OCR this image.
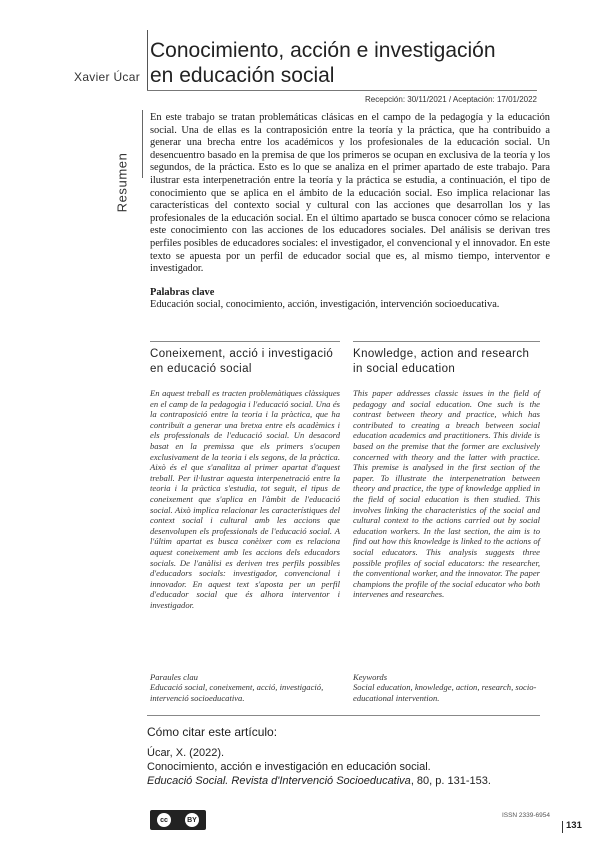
Xavier Úcar
Conocimiento, acción e investigación
en educación social
Recepción: 30/11/2021 / Aceptación: 17/01/2022
Resumen
En este trabajo se tratan problemáticas clásicas en el campo de la pedagogía y la educación social. Una de ellas es la contraposición entre la teoría y la práctica, que ha contribuido a generar una brecha entre los académicos y los profesionales de la educación social. Un desencuentro basado en la premisa de que los primeros se ocupan en exclusiva de la teoría y los segundos, de la práctica. Esto es lo que se analiza en el primer apartado de este trabajo. Para ilustrar esta interpenetración entre la teoría y la práctica se estudia, a continuación, el tipo de conocimiento que se aplica en el ámbito de la educación social. Eso implica relacionar las características del contexto social y cultural con las acciones que desarrollan los y las profesionales de la educación social. En el último apartado se busca conocer cómo se relaciona este conocimiento con las acciones de los educadores sociales. Del análisis se derivan tres perfiles posibles de educadores sociales: el investigador, el convencional y el innovador. En este texto se apuesta por un perfil de educador social que es, al mismo tiempo, interventor e investigador.
Palabras clave
Educación social, conocimiento, acción, investigación, intervención socioeducativa.
Coneixement, acció i investigació
en educació social
En aquest treball es tracten problemàtiques clàssiques en el camp de la pedagogia i l'educació social. Una és la contraposició entre la teoria i la pràctica, que ha contribuït a generar una bretxa entre els acadèmics i els professionals de l'educació social. Un desacord basat en la premissa que els primers s'ocupen exclusivament de la teoria i els segons, de la pràctica. Això és el que s'analitza al primer apartat d'aquest treball. Per il·lustrar aquesta interpenetració entre la teoria i la pràctica s'estudia, tot seguit, el tipus de coneixement que s'aplica en l'àmbit de l'educació social. Això implica relacionar les característiques del context social i cultural amb les accions que desenvolupen els professionals de l'educació social. A l'últim apartat es busca conèixer com es relaciona aquest coneixement amb les accions dels educadors socials. De l'anàlisi es deriven tres perfils possibles d'educadors socials: investigador, convencional i innovador. En aquest text s'aposta per un perfil d'educador social que és alhora interventor i investigador.
Paraules clau
Educació social, coneixement, acció, investigació, intervenció socioeducativa.
Knowledge, action and research
in social education
This paper addresses classic issues in the field of pedagogy and social education. One such is the contrast between theory and practice, which has contributed to creating a breach between social education academics and practitioners. This divide is based on the premise that the former are exclusively concerned with theory and the latter with practice. This premise is analysed in the first section of the paper. To illustrate the interpenetration between theory and practice, the type of knowledge applied in the field of social education is then studied. This involves linking the characteristics of the social and cultural context to the actions carried out by social education workers. In the last section, the aim is to find out how this knowledge is linked to the actions of social educators. This analysis suggests three possible profiles of social educators: the researcher, the conventional worker, and the innovator. The paper champions the profile of the social educator who both intervenes and researches.
Keywords
Social education, knowledge, action, research, socio-educational intervention.
Cómo citar este artículo:
Úcar, X. (2022).
Conocimiento, acción e investigación en educación social.
Educació Social. Revista d'Intervenció Socioeducativa, 80, p. 131-153.
cc	BY
ISSN 2339-6954
131
